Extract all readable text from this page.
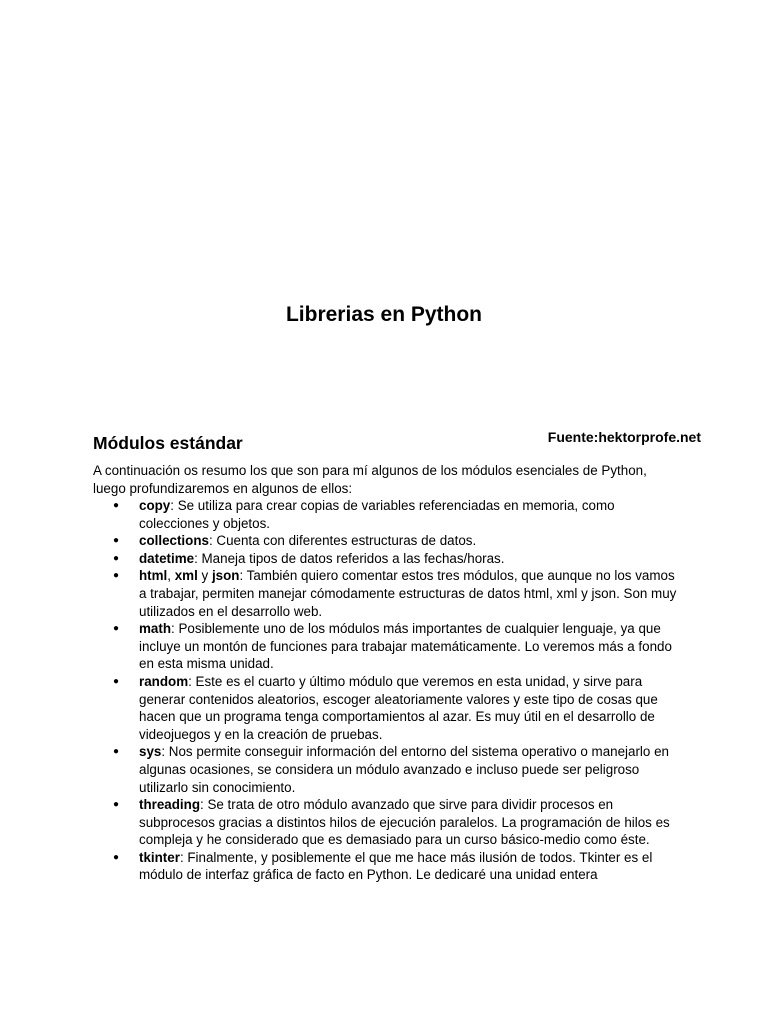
Librerias en Python
Fuente:hektorprofe.net
Módulos estándar
A continuación os resumo los que son para mí algunos de los módulos esenciales de Python, luego profundizaremos en algunos de ellos:
● copy: Se utiliza para crear copias de variables referenciadas en memoria, como colecciones y objetos.
● collections: Cuenta con diferentes estructuras de datos.
● datetime: Maneja tipos de datos referidos a las fechas/horas.
● html, xml y json: También quiero comentar estos tres módulos, que aunque no los vamos a trabajar, permiten manejar cómodamente estructuras de datos html, xml y json. Son muy utilizados en el desarrollo web.
● math: Posiblemente uno de los módulos más importantes de cualquier lenguaje, ya que incluye un montón de funciones para trabajar matemáticamente. Lo veremos más a fondo en esta misma unidad.
● random: Este es el cuarto y último módulo que veremos en esta unidad, y sirve para generar contenidos aleatorios, escoger aleatoriamente valores y este tipo de cosas que hacen que un programa tenga comportamientos al azar. Es muy útil en el desarrollo de videojuegos y en la creación de pruebas.
● sys: Nos permite conseguir información del entorno del sistema operativo o manejarlo en algunas ocasiones, se considera un módulo avanzado e incluso puede ser peligroso utilizarlo sin conocimiento.
● threading: Se trata de otro módulo avanzado que sirve para dividir procesos en subprocesos gracias a distintos hilos de ejecución paralelos. La programación de hilos es compleja y he considerado que es demasiado para un curso básico-medio como éste.
● tkinter: Finalmente, y posiblemente el que me hace más ilusión de todos. Tkinter es el módulo de interfaz gráfica de facto en Python. Le dedicaré una unidad entera
